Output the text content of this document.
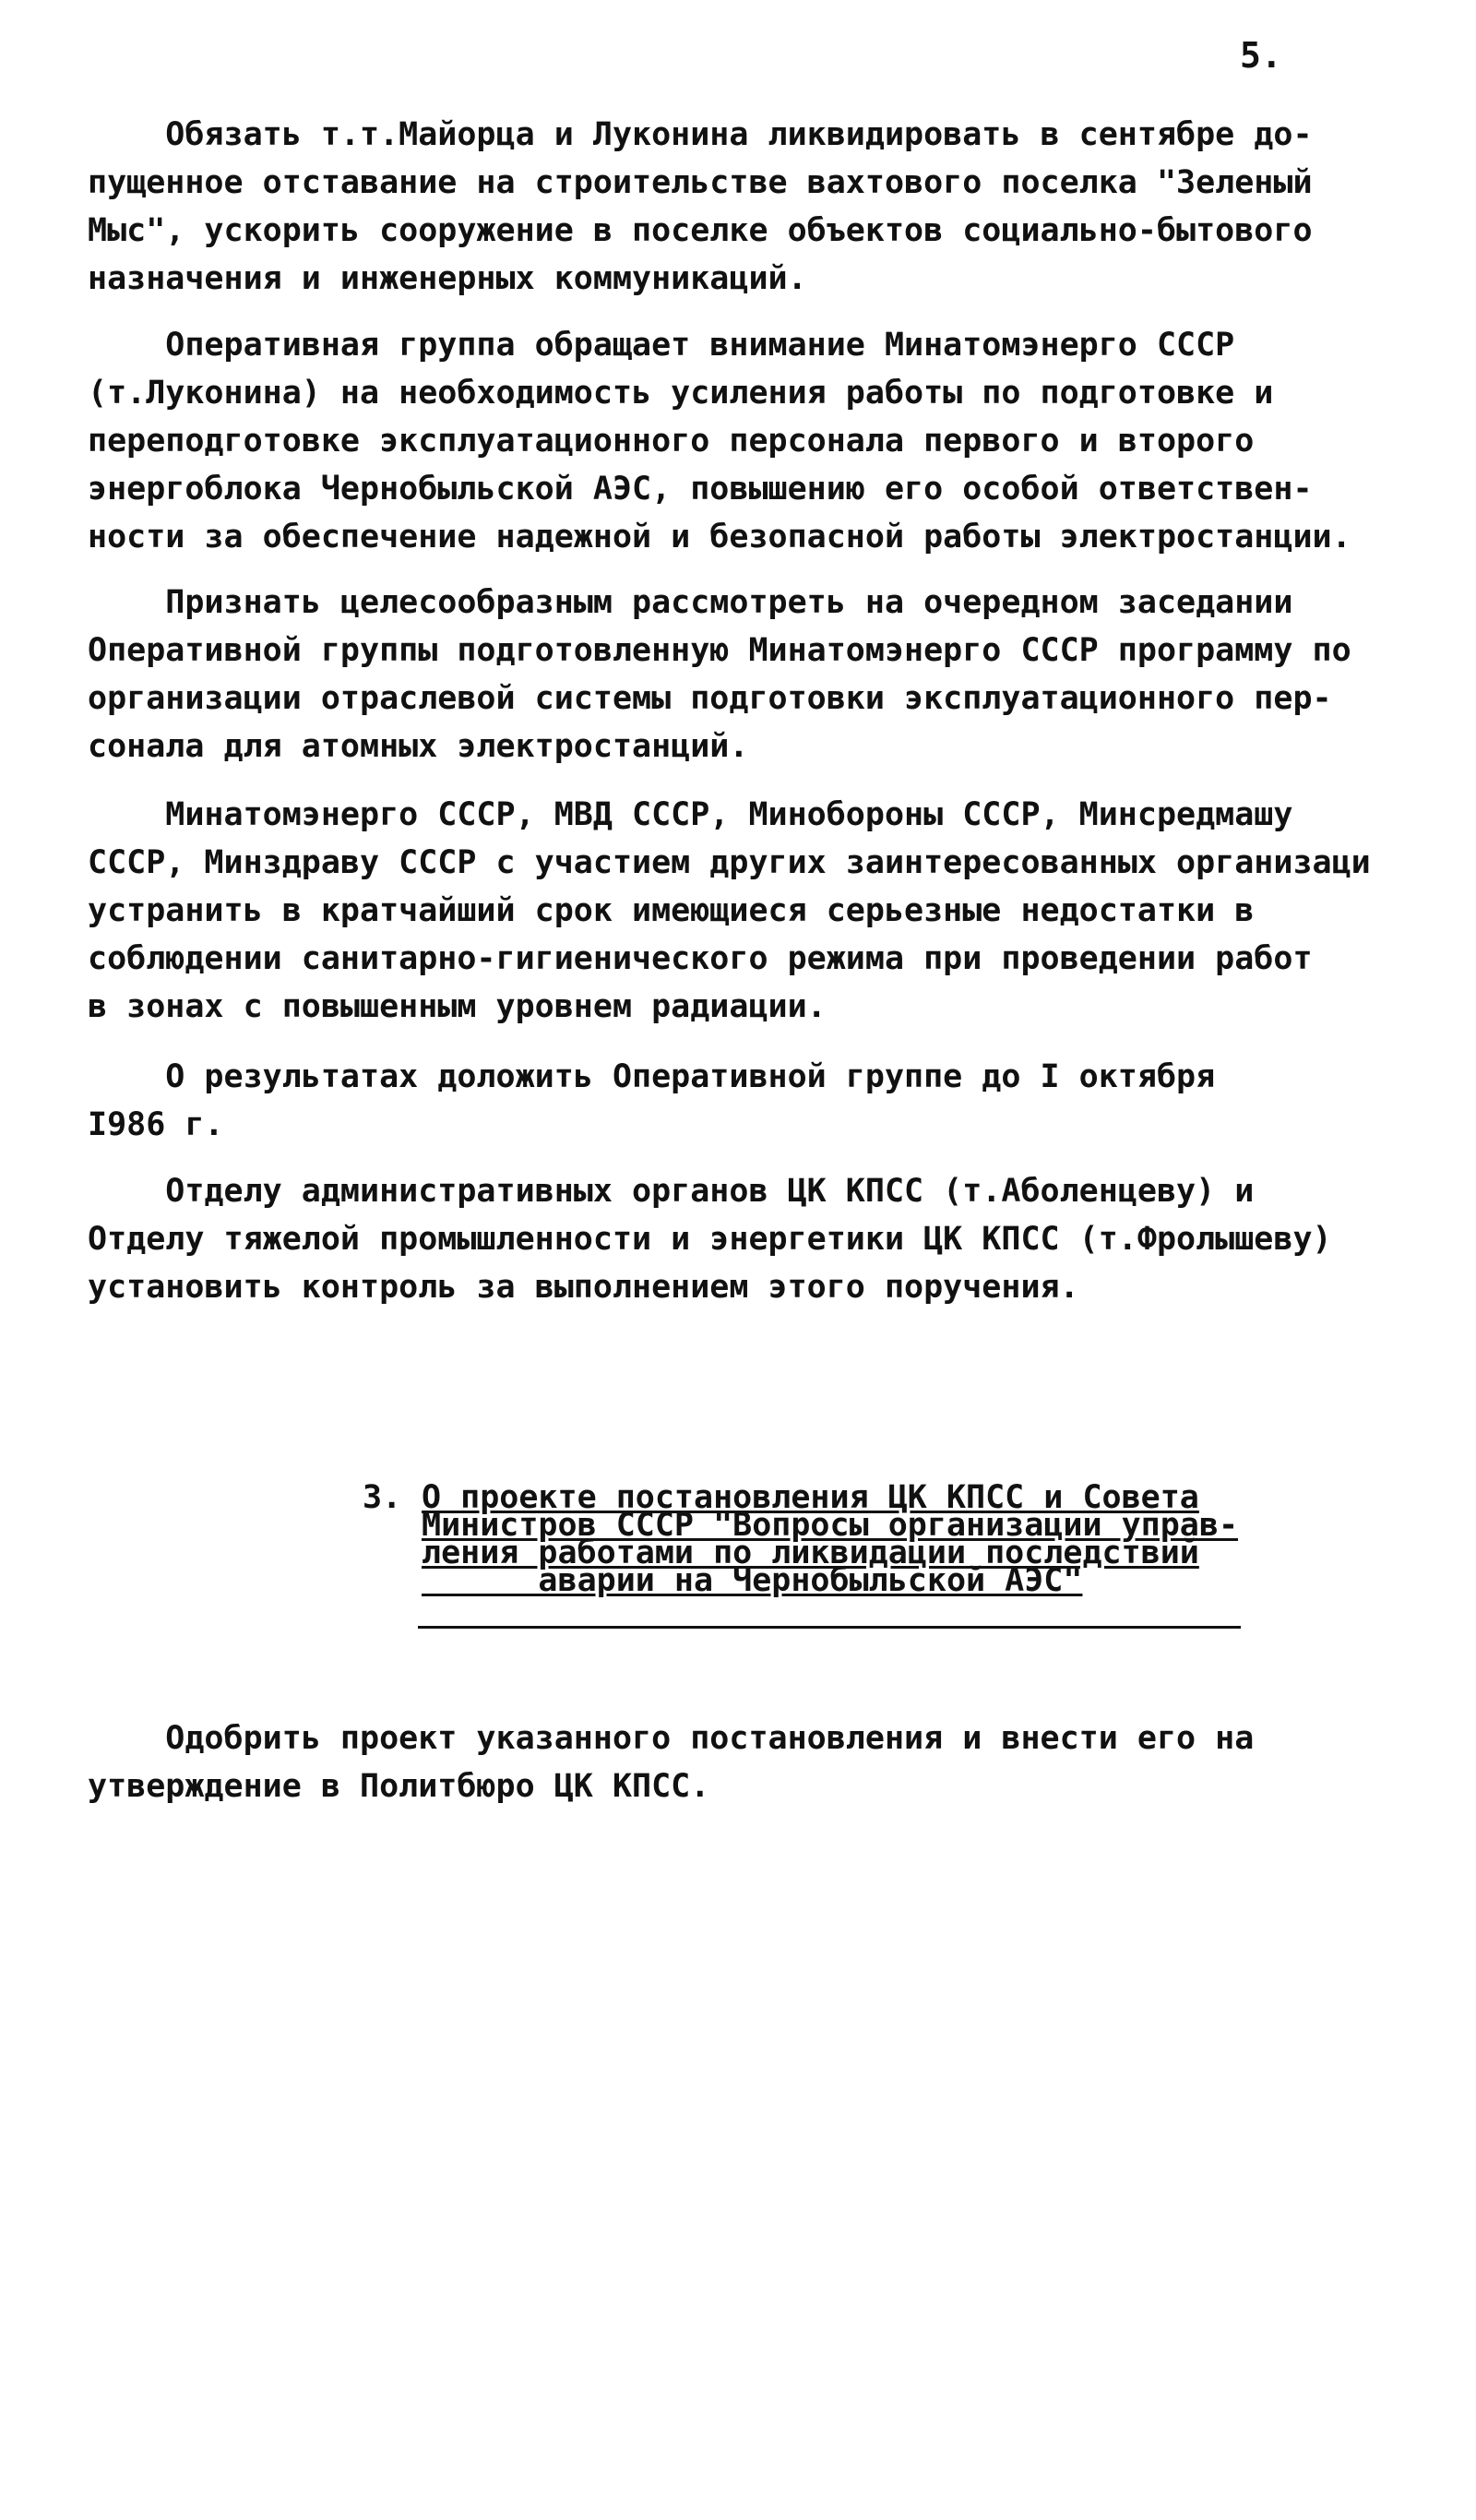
5.
Обязать т.т.Майорца и Луконина ликвидировать в сентябре до-
пущенное отставание на строительстве вахтового поселка "Зеленый
Мыс", ускорить сооружение в поселке объектов социально-бытового
назначения и инженерных коммуникаций.
Оперативная группа обращает внимание Минатомэнерго СССР
(т.Луконина) на необходимость усиления работы по подготовке и
переподготовке эксплуатационного персонала первого и второго
энергоблока Чернобыльской АЭС, повышению его особой ответствен-
ности за обеспечение надежной и безопасной работы электростанции.
Признать целесообразным рассмотреть на очередном заседании
Оперативной группы подготовленную Минатомэнерго СССР программу по
организации отраслевой системы подготовки эксплуатационного пер-
сонала для атомных электростанций.
Минатомэнерго СССР, МВД СССР, Минобороны СССР, Минсредмашу
СССР, Минздраву СССР с участием других заинтересованных организаци
устранить в кратчайший срок имеющиеся серьезные недостатки в
соблюдении санитарно-гигиенического режима при проведении работ
в зонах с повышенным уровнем радиации.
О результатах доложить Оперативной группе до I октября
I986 г.
Отделу административных органов ЦК КПСС (т.Аболенцеву) и
Отделу тяжелой промышленности и энергетики ЦК КПСС (т.Фролышеву)
установить контроль за выполнением этого поручения.
3. О проекте постановления ЦК КПСС и Совета
Министров СССР "Вопросы организации управ-
ления работами по ликвидации последствий
аварии на Чернобыльской АЭС"
Одобрить проект указанного постановления и внести его на
утверждение в Политбюро ЦК КПСС.
